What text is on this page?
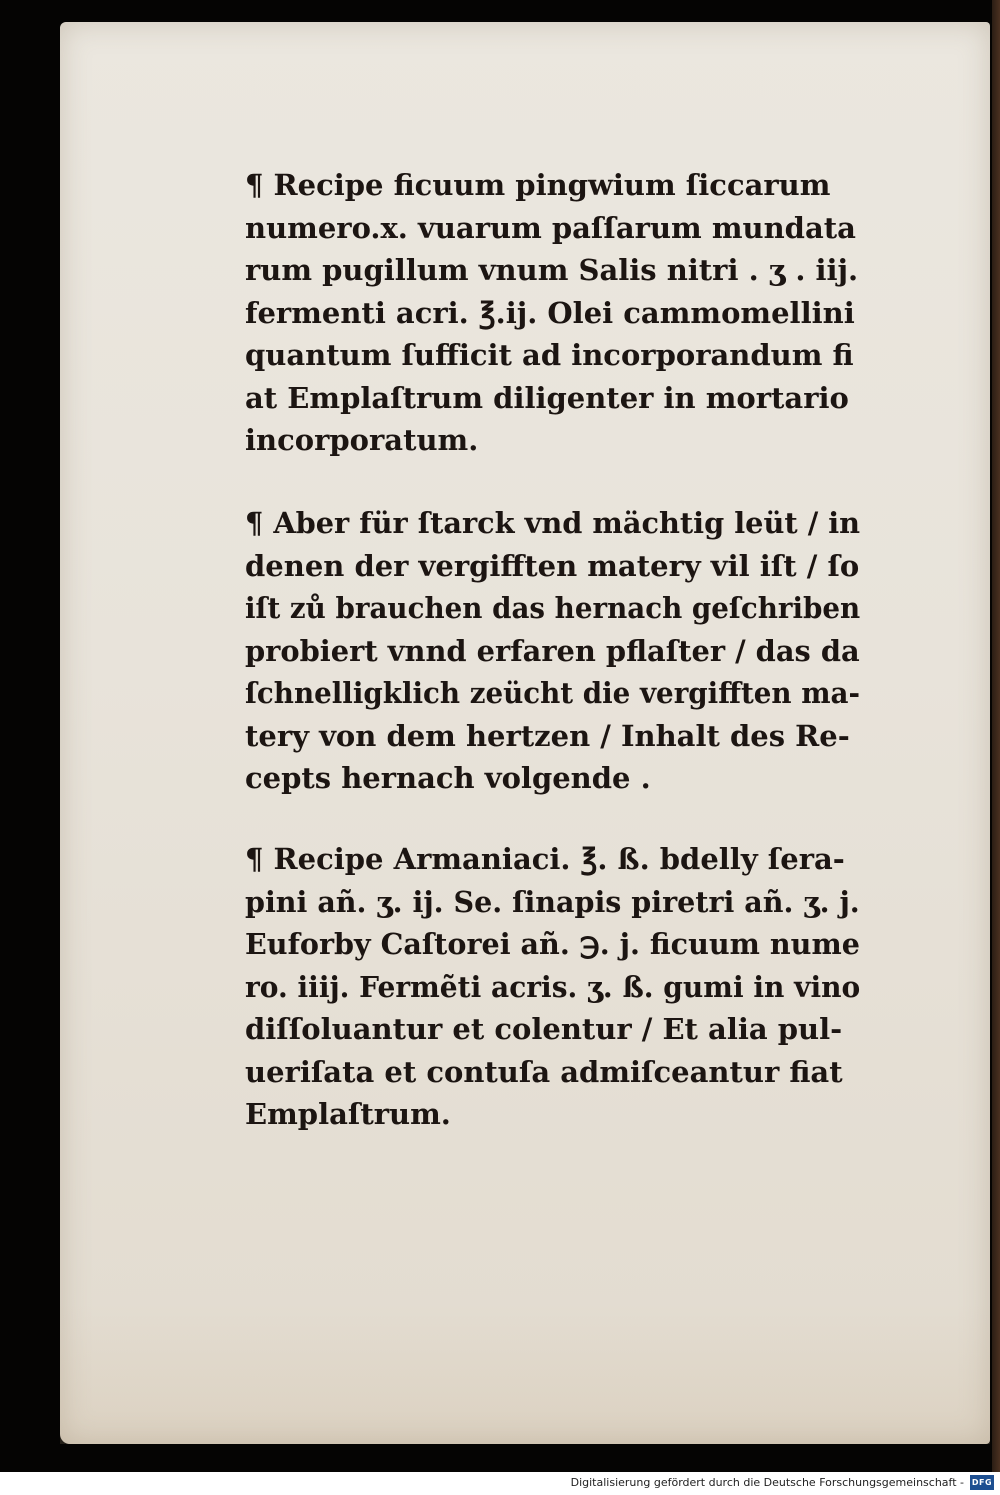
¶ Recipe ficuum pingwium ſiccarum
numero.x. vuarum paſſarum mundata
rum pugillum vnum Salis nitri . ʒ . iij.
fermenti acri. ℥.ij. Olei cammomellini
quantum ſufficit ad incorporandum fi
at Emplaſtrum diligenter in mortario
incorporatum.
¶ Aber für ſtarck vnd mächtig leüt / in
denen der vergifften matery vil iſt / ſo
iſt zů brauchen das hernach geſchriben
probiert vnnd erfaren pflaſter / das da
ſchnelligklich zeücht die vergifften ma-
tery von dem hertzen / Inhalt des Re-
cepts hernach volgende .
¶ Recipe Armaniaci. ℥. ß. bdelly ſera-
pini añ. ʒ. ij. Se. ſinapis piretri añ. ʒ. j.
Euforby Caſtorei añ. ℈. j. ficuum nume
ro. iiij. Fermẽti acris. ʒ. ß. gumi in vino
diſſoluantur et colentur / Et alia pul-
ueriſata et contuſa admiſceantur fiat
Emplaſtrum.
Digitalisierung gefördert durch die Deutsche Forschungsgemeinschaft - DFG
